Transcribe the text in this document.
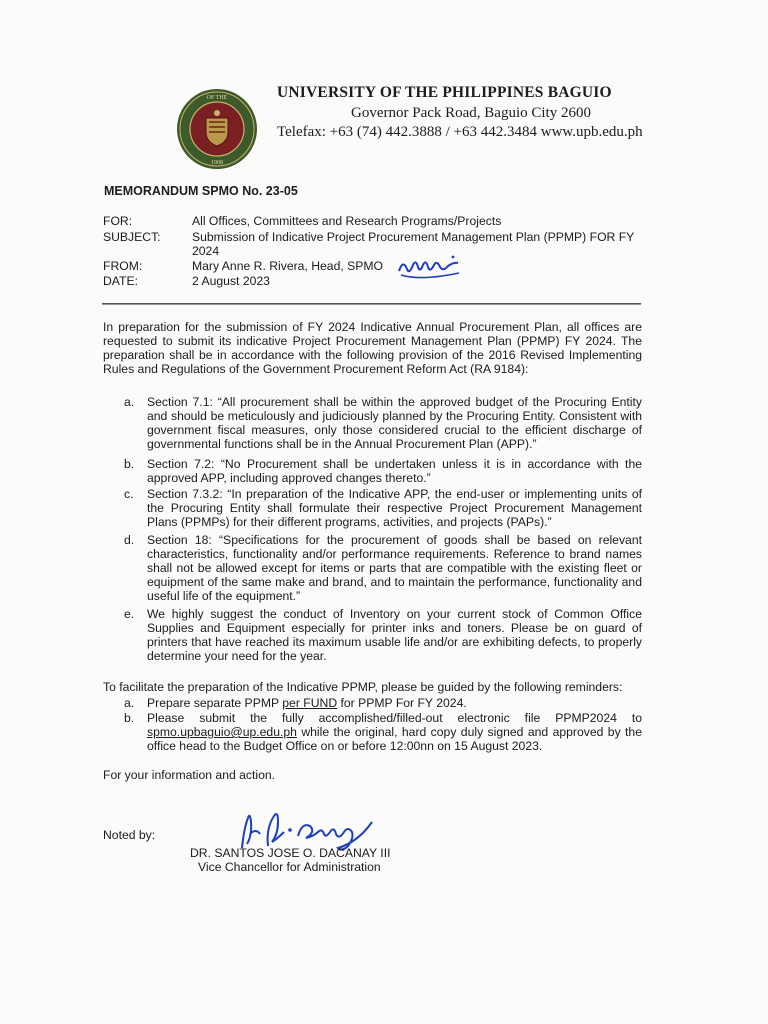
OF THE
1908
UNIVERSITY OF THE PHILIPPINES BAGUIO
Governor Pack Road, Baguio City 2600
Telefax: +63 (74) 442.3888 / +63 442.3484 www.upb.edu.ph
MEMORANDUM SPMO No. 23-05
FOR:	All Offices, Committees and Research Programs/Projects
SUBJECT:	Submission of Indicative Project Procurement Management Plan (PPMP) FOR FY 2024
FROM:	Mary Anne R. Rivera, Head, SPMO
DATE:	2 August 2023
In preparation for the submission of FY 2024 Indicative Annual Procurement Plan, all offices are requested to submit its indicative Project Procurement Management Plan (PPMP) FY 2024. The preparation shall be in accordance with the following provision of the 2016 Revised Implementing Rules and Regulations of the Government Procurement Reform Act (RA 9184):
a.	Section 7.1: “All procurement shall be within the approved budget of the Procuring Entity and should be meticulously and judiciously planned by the Procuring Entity. Consistent with government fiscal measures, only those considered crucial to the efficient discharge of governmental functions shall be in the Annual Procurement Plan (APP).”
b.	Section 7.2: “No Procurement shall be undertaken unless it is in accordance with the approved APP, including approved changes thereto.”
c.	Section 7.3.2: “In preparation of the Indicative APP, the end-user or implementing units of the Procuring Entity shall formulate their respective Project Procurement Management Plans (PPMPs) for their different programs, activities, and projects (PAPs).”
d.	Section 18: “Specifications for the procurement of goods shall be based on relevant characteristics, functionality and/or performance requirements. Reference to brand names shall not be allowed except for items or parts that are compatible with the existing fleet or equipment of the same make and brand, and to maintain the performance, functionality and useful life of the equipment.”
e.	We highly suggest the conduct of Inventory on your current stock of Common Office Supplies and Equipment especially for printer inks and toners. Please be on guard of printers that have reached its maximum usable life and/or are exhibiting defects, to properly determine your need for the year.
To facilitate the preparation of the Indicative PPMP, please be guided by the following reminders:
a.	Prepare separate PPMP per FUND for PPMP For FY 2024.
b.	Please submit the fully accomplished/filled-out electronic file PPMP2024 to spmo.upbaguio@up.edu.ph while the original, hard copy duly signed and approved by the office head to the Budget Office on or before 12:00nn on 15 August 2023.
For your information and action.
Noted by:
DR. SANTOS JOSE O. DACANAY III
Vice Chancellor for Administration
